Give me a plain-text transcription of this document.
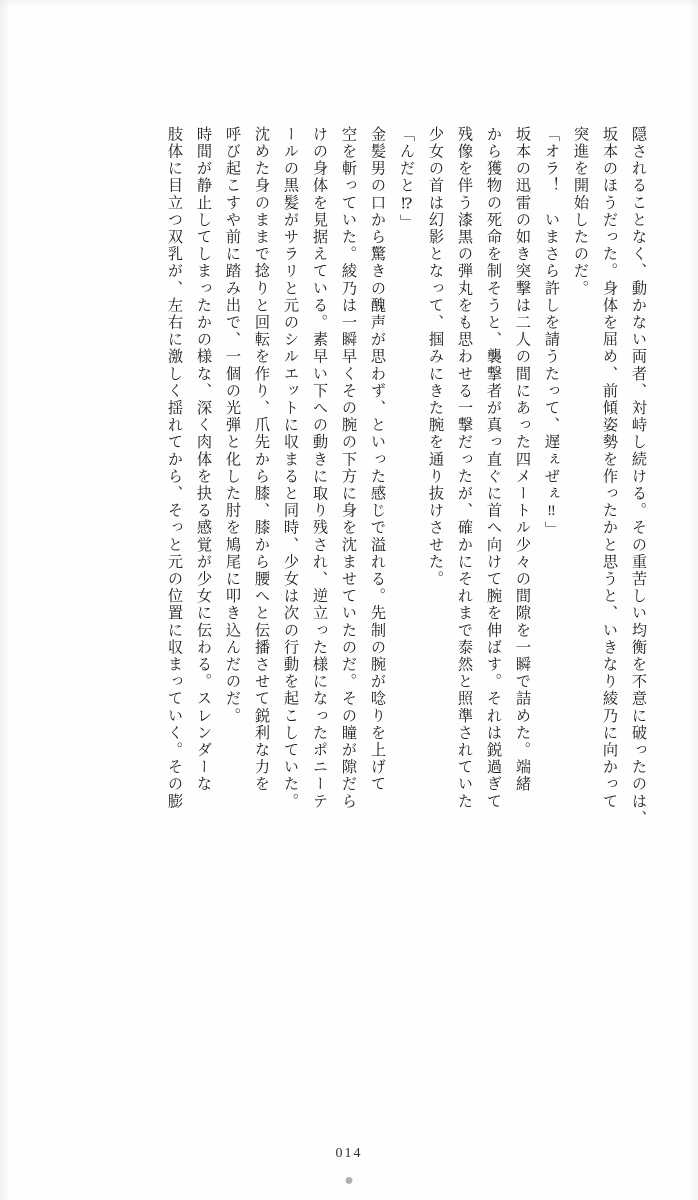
隠されることなく、動かない両者、対峙し続ける。その重苦しい均衡を不意に破ったのは、
坂本のほうだった。身体を屈め、前傾姿勢を作ったかと思うと、いきなり綾乃に向かって
突進を開始したのだ。
「オラ！　いまさら許しを請うたって、遅ぇぜぇ‼」
坂本の迅雷の如き突撃は二人の間にあった四メートル少々の間隙を一瞬で詰めた。端緒
から獲物の死命を制そうと、襲撃者が真っ直ぐに首へ向けて腕を伸ばす。それは鋭過ぎて
残像を伴う漆黒の弾丸をも思わせる一撃だったが、確かにそれまで泰然と照準されていた
少女の首は幻影となって、掴みにきた腕を通り抜けさせた。
「んだと⁉」
金髪男の口から驚きの醜声が思わず、といった感じで溢れる。先制の腕が唸りを上げて
空を斬っていた。綾乃は一瞬早くその腕の下方に身を沈ませていたのだ。その瞳が隙だら
けの身体を見据えている。素早い下への動きに取り残され、逆立った様になったポニーテ
ールの黒髪がサラリと元のシルエットに収まると同時、少女は次の行動を起こしていた。
沈めた身のままで捻りと回転を作り、爪先から膝、膝から腰へと伝播させて鋭利な力を
呼び起こすや前に踏み出で、一個の光弾と化した肘を鳩尾に叩き込んだのだ。
時間が静止してしまったかの様な、深く肉体を抉る感覚が少女に伝わる。スレンダーな
肢体に目立つ双乳が、左右に激しく揺れてから、そっと元の位置に収まっていく。その膨
014
